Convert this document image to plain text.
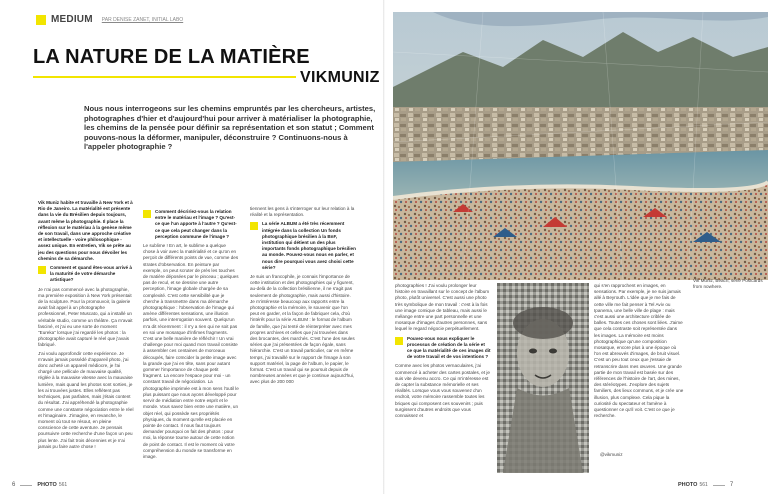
MEDIUM PAR DENISE ZANET, INITIAL LABO
LA NATURE DE LA MATIÈRE
VIKMUNIZ

Nous nous interrogeons sur les chemins empruntés par les chercheurs, artistes, photographes d'hier et d'aujourd'hui pour arriver à matérialiser la photographie, les chemins de la pensée pour définir sa représentation et son statut ; Comment pouvons-nous la déformer, manipuler, déconstruire ? Continuons-nous à l'appeler photographie ?

Vik Muniz habite et travaille à New York et à Rio de Janeiro. La matérialité est présente dans la vie du Brésilien depuis toujours, avant même la photographie. Il place la réflexion sur le matériau à la genèse même de son travail, dans une approche créative et intellectuelle - voire philosophique - assez unique. En entretien, Vik se prête au jeu des questions pour nous dévoiler les chemins de sa démarche.

Comment et quand êtes-vous arrivé à la maturité de votre démarche artistique?

Je n'ai pas commencé avec la photographie, ma première exposition à New York présentait de la sculpture. Pour la promouvoir, la galerie avait fait appel à un photographe professionnel, Peter Muscato, qui a installé un véritable studio, comme un théâtre. Ça m'avait fasciné, et j'ai eu une sorte de moment "Eureka" lorsque j'ai regardé les photos : la photographie avait capturé le réel que j'avais fabriqué.

J'ai voulu approfondir cette expérience. Je m'avais jamais possédé d'appareil photo, j'ai donc acheté un appareil médiocre, je l'ai chargé une pellicule de mauvaise qualité, réglée à la mauvaise vitesse avec la mauvaise lumière, mais quand les photos sont sorties, je les ai trouvées justes. Elles reflètent pas techniques, pas parfaites, mais j'étais content du résultat. J'ai appréhendé la photographie comme une constante négociation entre le réel et l'imaginaire. J'imagine, en revanche, le moment où tout se résout, en pleine conscience de cette aventure. Je pensais poursuivre cette recherche d'une façon un peu plus lente. J'ai fait trois décennies et je n'ai jamais pu faire autre chose !

Comment décririez-vous la relation entre le matériau et l'image ? Qu'est-ce que l'un apporte à l'autre ? Qu'est-ce que cela peut changer dans la perception commune de l'image ?

Le sublime ! En art, le sublime a quelque chose à voir avec la matérialité et ce qu'on en perçoit de différents points de vue, comme des strates d'observation. En peinture par exemple, on peut scruter de près les touches de matière déposées par le pinceau ; quelques pas de recul, et se dessine une autre perception, l'image globale chargée de sa complexité. C'est cette sensibilité que je cherche à transmettre dans ma démarche photographique : l'observation de l'image qui amène différentes sensations, une illusion parfois, une interrogation souvent. Quelqu'un m'a dit récemment : il n'y a rien qui ne soit pas en soi une mosaïque d'infimes fragments. C'est une belle manière de réfléchir ! Un vrai challenge pour moi quand mon travail consiste à assembler ces centaines de morceaux découpés, faire coïncider la petite image avec la grande que j'ai en tête, sans pour autant gommer l'importance de chaque petit fragment. La encore l'espace pour moi - un constant travail de négociation. La photographie imprimée est à mon sens l'outil le plus puissant que nous ayons développé pour servir de médiation entre notre esprit et le monde. Vous savez bien entre une matière, un objet réel, qui possède ses propriétés physiques, du moment qu'elle est placée en pointe de contact. Il nous faut toujours demander pourquoi on fait des photos : pour moi, la réponse tourne autour de cette notion de point de contact. Il est le moment où votre compréhension du monde se transforme en image.

tiennent les gens à s'interroger sur leur relation à la réalité et la représentation.

La série ALBUM a été très récemment intégrée dans la collection Un fonds photographique brésilien à la BnF, institution qui détient un des plus importants fonds photographique brésilien au monde. Pouvez-vous nous en parler, et nous dire pourquoi vous avez choisi cette série?

Je suis un francophile, je connais l'importance de cette institution et des photographies qui y figurent, au-delà de la collection brésilienne, il ne s'agit pas seulement de photographie, mais aussi d'histoire. Je m'intéresse beaucoup aux rapports entre la photographie et la mémoire, le souvenir que l'on peut en garder, et la façon de fabriquer cela, d'où l'intérêt pour la série ALBUM : le format de l'album de famille, que j'ai tenté de réinterpréter avec mes propres archives et celles que j'ai trouvées dans des brocantes, des marchés. C'est l'une des seules séries que j'ai présentées de façon égale, sans hiérarchie. C'est un travail particulier, car en même temps, j'ai travaillé sur le rapport de l'image à son support matériel, la page de l'album, le papier, le format. C'est un travail qui se poursuit depuis de nombreuses années et que je continue aujourd'hui, avec plus de 200 000

6	PHOTO 561
Vik Muniz, Beach, série Postcards from nowhere.

photographies ! J'ai voulu prolonger leur histoire en travaillant sur le concept de l'album photo, plutôt universel. C'est aussi une photo très symbolique de mon travail : c'est à la fois une image comique de tableau, mais aussi le mélange entre une part personnelle et une mosaïque d'images d'autres personnes, sans lequel le regard négocie perpétuellement.

Pouvez-vous nous expliquer le processus de création de la série et ce que la matérialité de ces images dit de votre travail et de vos intentions ?

Comme avec les photos vernaculaires, j'ai commencé à acheter des cartes postales, et je suis vite devenu accro. Ce qui m'intéresse est de capter la substance mémorielle et ses réalités. Lorsque vous vous souvenez d'un endroit, votre mémoire rassemble toutes les briques qui composent ces souvenirs ; puis surgissent d'autres endroits que vous connaissez et

qui s'en rapprochent en images, en sensations. Par exemple, je ne suis jamais allé à Beyrouth. L'idée que je me fais de cette ville me fait penser à Tel Aviv ou Ipanema, une belle ville de plage : mais c'est aussi une architecture criblée de balles. Toutes ces choses sont liées. J'aime que cela contraste soit représentée dans les images. La mémoire est moins photographique qu'une composition mosaïque, encore plus à une époque où l'on est abreuvés d'images, de bruit visuel. C'est un peu tout ceux que j'essaie de retranscrire dans mes œuvres. Une grande partie de mon travail est basée sur des références de l'histoire de l'art, des mines, des stéréotypes. J'explore des sujets familiers, des lieux communs, et je crée une illusion, plus complexe. Cela pique la curiosité du spectateur et l'amène à questionner ce qu'il voit. C'est ce que je recherche.

@vikmuniz
PHOTO 561	7
